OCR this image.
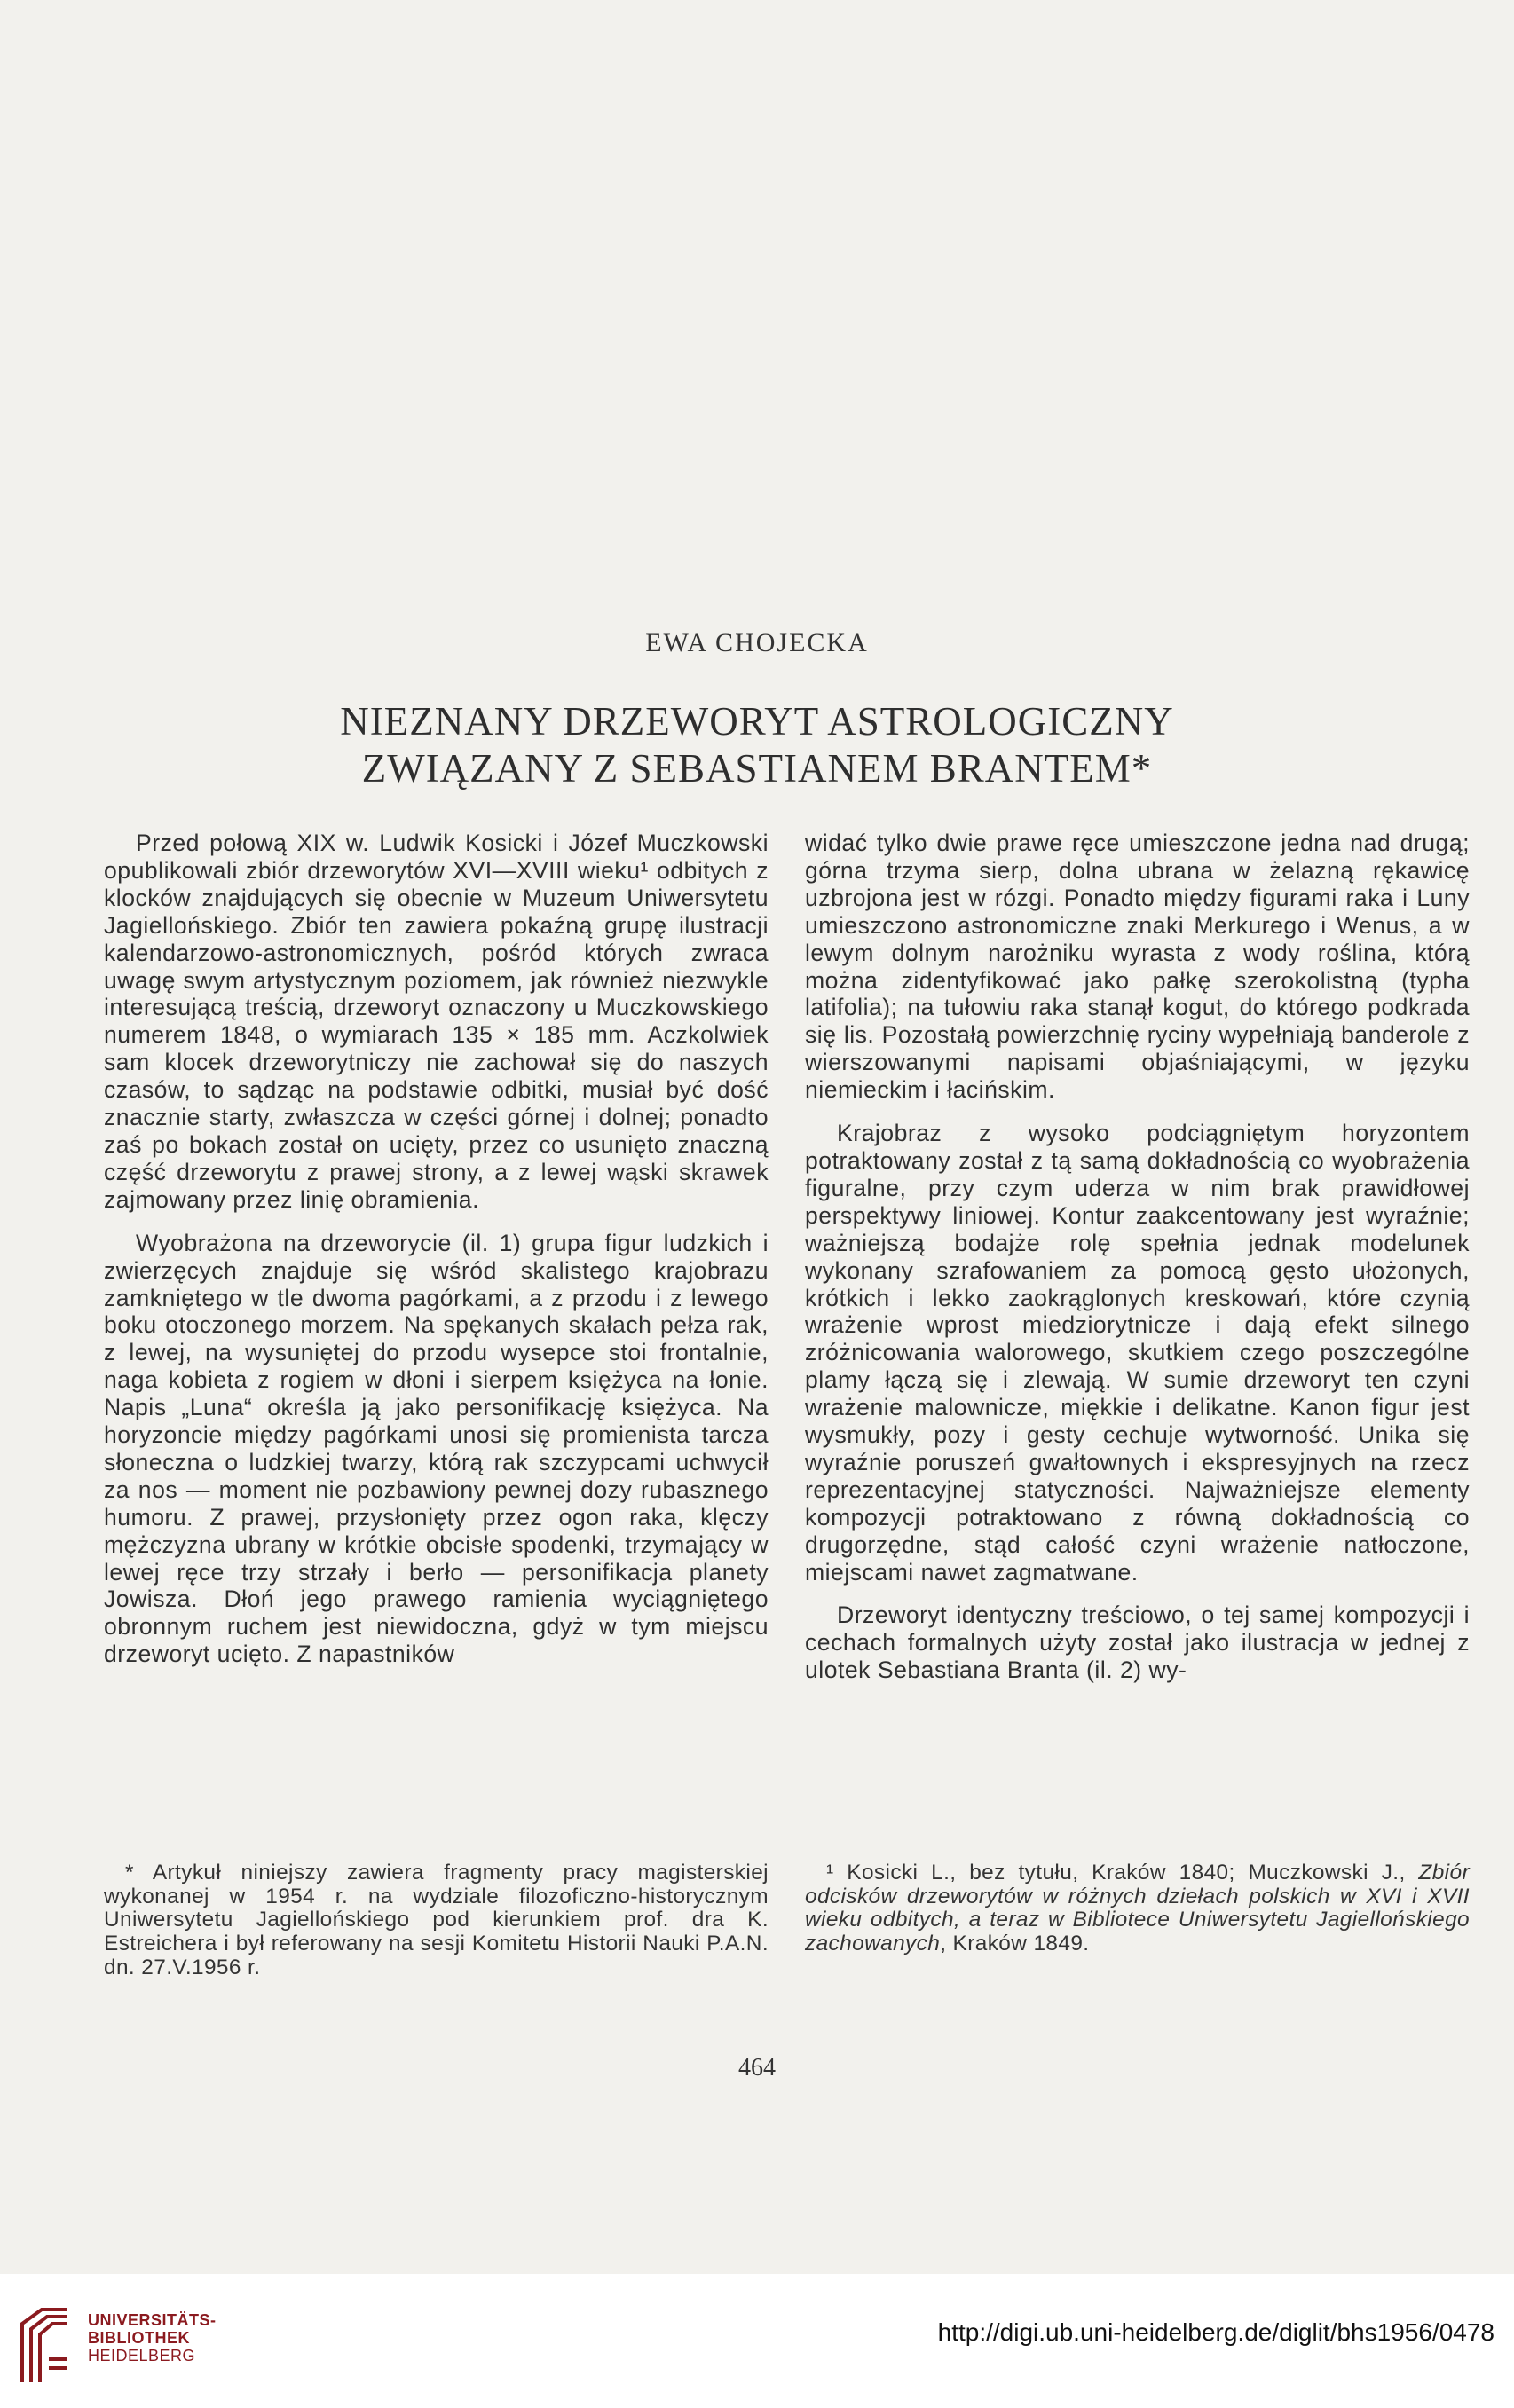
EWA CHOJECKA
NIEZNANY DRZEWORYT ASTROLOGICZNY
ZWIĄZANY Z SEBASTIANEM BRANTEM*

Przed połową XIX w. Ludwik Kosicki i Józef Muczkowski opublikowali zbiór drzeworytów XVI—XVIII wieku¹ odbitych z klocków znajdujących się obecnie w Muzeum Uniwersytetu Jagiellońskiego. Zbiór ten zawiera pokaźną grupę ilustracji kalendarzowo-astronomicznych, pośród których zwraca uwagę swym artystycznym poziomem, jak również niezwykle interesującą treścią, drzeworyt oznaczony u Muczkowskiego numerem 1848, o wymiarach 135 × 185 mm. Aczkolwiek sam klocek drzeworytniczy nie zachował się do naszych czasów, to sądząc na podstawie odbitki, musiał być dość znacznie starty, zwłaszcza w części górnej i dolnej; ponadto zaś po bokach został on ucięty, przez co usunięto znaczną część drzeworytu z prawej strony, a z lewej wąski skrawek zajmowany przez linię obramienia.

Wyobrażona na drzeworycie (il. 1) grupa figur ludzkich i zwierzęcych znajduje się wśród skalistego krajobrazu zamkniętego w tle dwoma pagórkami, a z przodu i z lewego boku otoczonego morzem. Na spękanych skałach pełza rak, z lewej, na wysuniętej do przodu wysepce stoi frontalnie, naga kobieta z rogiem w dłoni i sierpem księżyca na łonie. Napis „Luna“ określa ją jako personifikację księżyca. Na horyzoncie między pagórkami unosi się promienista tarcza słoneczna o ludzkiej twarzy, którą rak szczypcami uchwycił za nos — moment nie pozbawiony pewnej dozy rubasznego humoru. Z prawej, przysłonięty przez ogon raka, klęczy mężczyzna ubrany w krótkie obcisłe spodenki, trzymający w lewej ręce trzy strzały i berło — personifikacja planety Jowisza. Dłoń jego prawego ramienia wyciągniętego obronnym ruchem jest niewidoczna, gdyż w tym miejscu drzeworyt ucięto. Z napastników

widać tylko dwie prawe ręce umieszczone jedna nad drugą; górna trzyma sierp, dolna ubrana w żelazną rękawicę uzbrojona jest w rózgi. Ponadto między figurami raka i Luny umieszczono astronomiczne znaki Merkurego i Wenus, a w lewym dolnym narożniku wyrasta z wody roślina, którą można zidentyfikować jako pałkę szerokolistną (typha latifolia); na tułowiu raka stanął kogut, do którego podkrada się lis. Pozostałą powierzchnię ryciny wypełniają banderole z wierszowanymi napisami objaśniającymi, w języku niemieckim i łacińskim.

Krajobraz z wysoko podciągniętym horyzontem potraktowany został z tą samą dokładnością co wyobrażenia figuralne, przy czym uderza w nim brak prawidłowej perspektywy liniowej. Kontur zaakcentowany jest wyraźnie; ważniejszą bodajże rolę spełnia jednak modelunek wykonany szrafowaniem za pomocą gęsto ułożonych, krótkich i lekko zaokrąglonych kreskowań, które czynią wrażenie wprost miedziorytnicze i dają efekt silnego zróżnicowania walorowego, skutkiem czego poszczególne plamy łączą się i zlewają. W sumie drzeworyt ten czyni wrażenie malownicze, miękkie i delikatne. Kanon figur jest wysmukły, pozy i gesty cechuje wytworność. Unika się wyraźnie poruszeń gwałtownych i ekspresyjnych na rzecz reprezentacyjnej statyczności. Najważniejsze elementy kompozycji potraktowano z równą dokładnością co drugorzędne, stąd całość czyni wrażenie natłoczone, miejscami nawet zagmatwane.

Drzeworyt identyczny treściowo, o tej samej kompozycji i cechach formalnych użyty został jako ilustracja w jednej z ulotek Sebastiana Branta (il. 2) wy-

* Artykuł niniejszy zawiera fragmenty pracy magisterskiej wykonanej w 1954 r. na wydziale filozoficzno-historycznym Uniwersytetu Jagiellońskiego pod kierunkiem prof. dra K. Estreichera i był referowany na sesji Komitetu Historii Nauki P.A.N. dn. 27.V.1956 r.

¹ Kosicki L., bez tytułu, Kraków 1840; Muczkowski J., Zbiór odcisków drzeworytów w różnych dziełach polskich w XVI i XVII wieku odbitych, a teraz w Bibliotece Uniwersytetu Jagiellońskiego zachowanych, Kraków 1849.

464
UNIVERSITÄTS-
BIBLIOTHEK
HEIDELBERG
http://digi.ub.uni-heidelberg.de/diglit/bhs1956/0478
